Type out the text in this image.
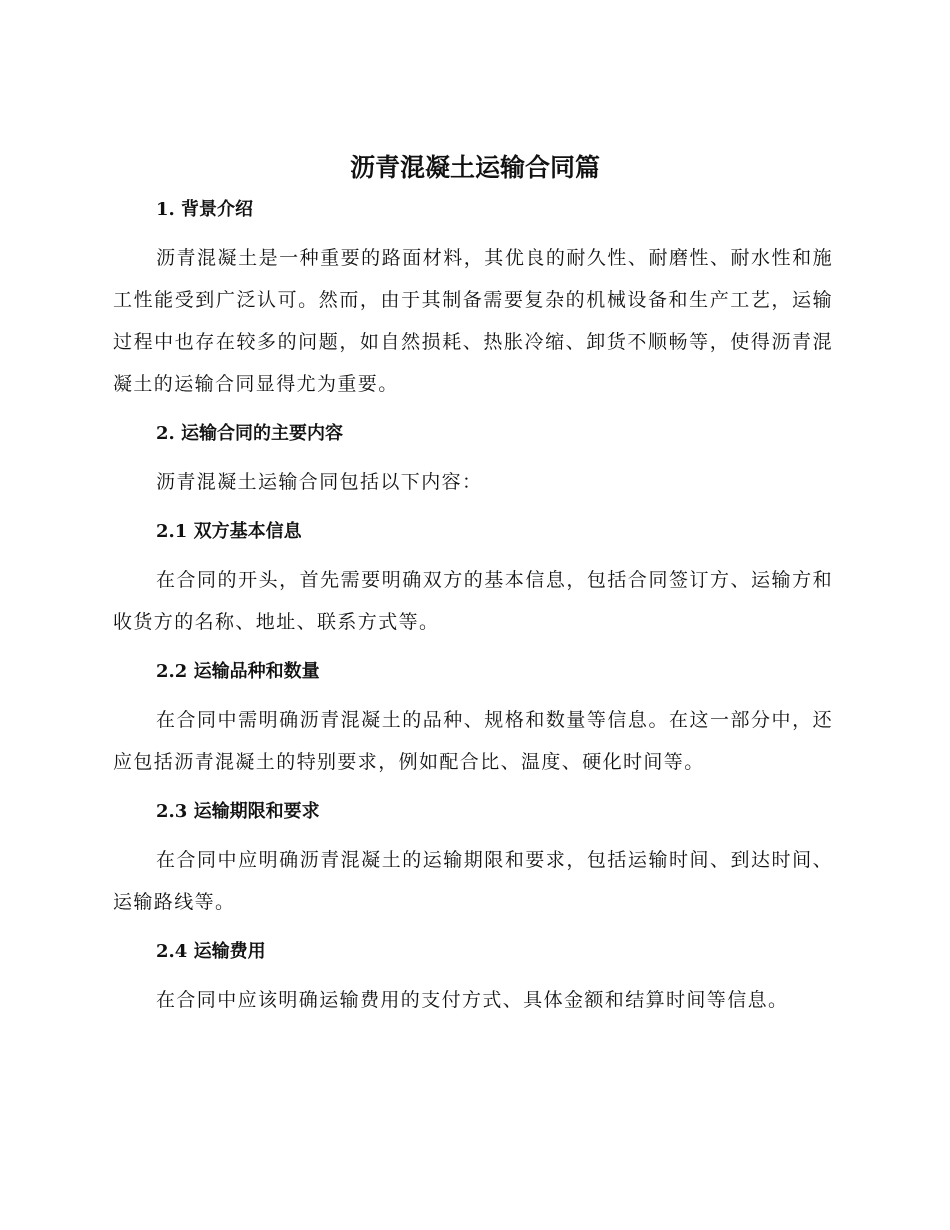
沥青混凝土运输合同篇
1. 背景介绍

沥青混凝土是一种重要的路面材料，其优良的耐久性、耐磨性、耐水性和施工性能受到广泛认可。然而，由于其制备需要复杂的机械设备和生产工艺，运输过程中也存在较多的问题，如自然损耗、热胀冷缩、卸货不顺畅等，使得沥青混凝土的运输合同显得尤为重要。

2. 运输合同的主要内容

沥青混凝土运输合同包括以下内容：

2.1 双方基本信息

在合同的开头，首先需要明确双方的基本信息，包括合同签订方、运输方和收货方的名称、地址、联系方式等。

2.2 运输品种和数量

在合同中需明确沥青混凝土的品种、规格和数量等信息。在这一部分中，还应包括沥青混凝土的特别要求，例如配合比、温度、硬化时间等。

2.3 运输期限和要求

在合同中应明确沥青混凝土的运输期限和要求，包括运输时间、到达时间、运输路线等。

2.4 运输费用

在合同中应该明确运输费用的支付方式、具体金额和结算时间等信息。
